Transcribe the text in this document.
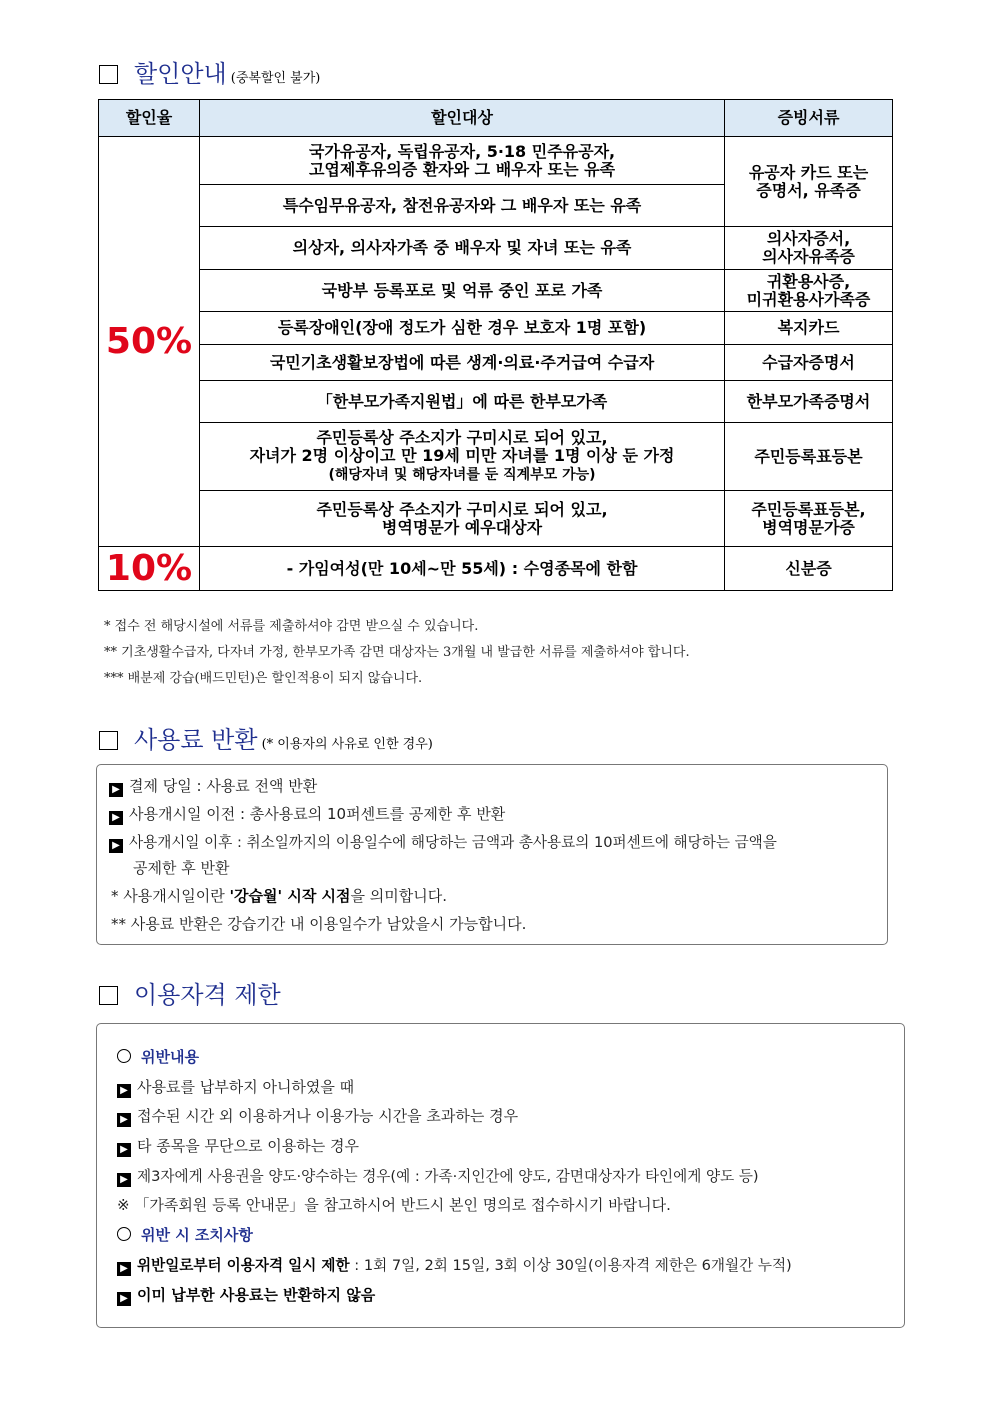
할인안내 (중복할인 불가)
할인율	할인대상	증빙서류
50%	국가유공자, 독립유공자, 5·18 민주유공자,
고엽제후유의증 환자와 그 배우자 또는 유족	유공자 카드 또는
증명서, 유족증
	특수임무유공자, 참전유공자와 그 배우자 또는 유족	
	의상자, 의사자가족 중 배우자 및 자녀 또는 유족	의사자증서,
의사자유족증
	국방부 등록포로 및 억류 중인 포로 가족	귀환용사증,
미귀환용사가족증
	등록장애인(장애 정도가 심한 경우 보호자 1명 포함)	복지카드
	국민기초생활보장법에 따른 생계·의료·주거급여 수급자	수급자증명서
	「한부모가족지원법」에 따른 한부모가족	한부모가족증명서
	주민등록상 주소지가 구미시로 되어 있고,
자녀가 2명 이상이고 만 19세 미만 자녀를 1명 이상 둔 가정
(해당자녀 및 해당자녀를 둔 직계부모 가능)	주민등록표등본
	주민등록상 주소지가 구미시로 되어 있고,
병역명문가 예우대상자	주민등록표등본,
병역명문가증
10%	- 가임여성(만 10세~만 55세) : 수영종목에 한함	신분증
* 접수 전 해당시설에 서류를 제출하셔야 감면 받으실 수 있습니다.
** 기초생활수급자, 다자녀 가정, 한부모가족 감면 대상자는 3개월 내 발급한 서류를 제출하셔야 합니다.
*** 배분제 강습(배드민턴)은 할인적용이 되지 않습니다.
사용료 반환 (* 이용자의 사유로 인한 경우)
▶ 결제 당일 : 사용료 전액 반환
▶ 사용개시일 이전 : 총사용료의 10퍼센트를 공제한 후 반환
▶ 사용개시일 이후 : 취소일까지의 이용일수에 해당하는 금액과 총사용료의 10퍼센트에 해당하는 금액을
공제한 후 반환
* 사용개시일이란 '강습월' 시작 시점을 의미합니다.
** 사용료 반환은 강습기간 내 이용일수가 남았을시 가능합니다.
이용자격 제한
위반내용
▶ 사용료를 납부하지 아니하였을 때
▶ 접수된 시간 외 이용하거나 이용가능 시간을 초과하는 경우
▶ 타 종목을 무단으로 이용하는 경우
▶ 제3자에게 사용권을 양도·양수하는 경우(예 : 가족·지인간에 양도, 감면대상자가 타인에게 양도 등)
※ 「가족회원 등록 안내문」을 참고하시어 반드시 본인 명의로 접수하시기 바랍니다.
위반 시 조치사항
▶ 위반일로부터 이용자격 일시 제한 : 1회 7일, 2회 15일, 3회 이상 30일(이용자격 제한은 6개월간 누적)
▶ 이미 납부한 사용료는 반환하지 않음
